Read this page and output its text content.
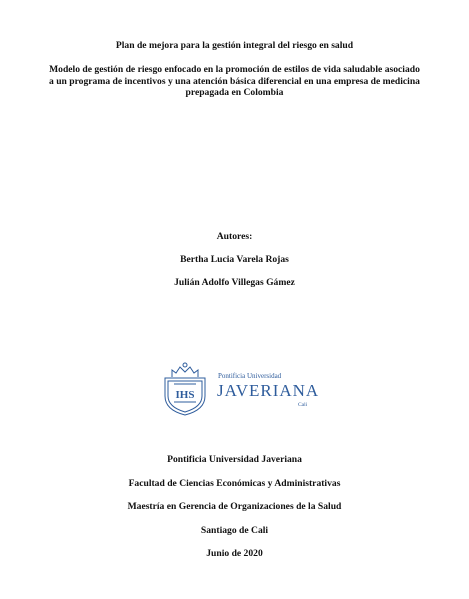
Plan de mejora para la gestión integral del riesgo en salud
Modelo de gestión de riesgo enfocado en la promoción de estilos de vida saludable asociado
a un programa de incentivos y una atención básica diferencial en una empresa de medicina
prepagada en Colombia
Autores:
Bertha Lucia Varela Rojas
Julián Adolfo Villegas Gámez
IHS
Pontificia Universidad
JAVERIANA
Cali
Pontificia Universidad Javeriana
Facultad de Ciencias Económicas y Administrativas
Maestría en Gerencia de Organizaciones de la Salud
Santiago de Cali
Junio de 2020
